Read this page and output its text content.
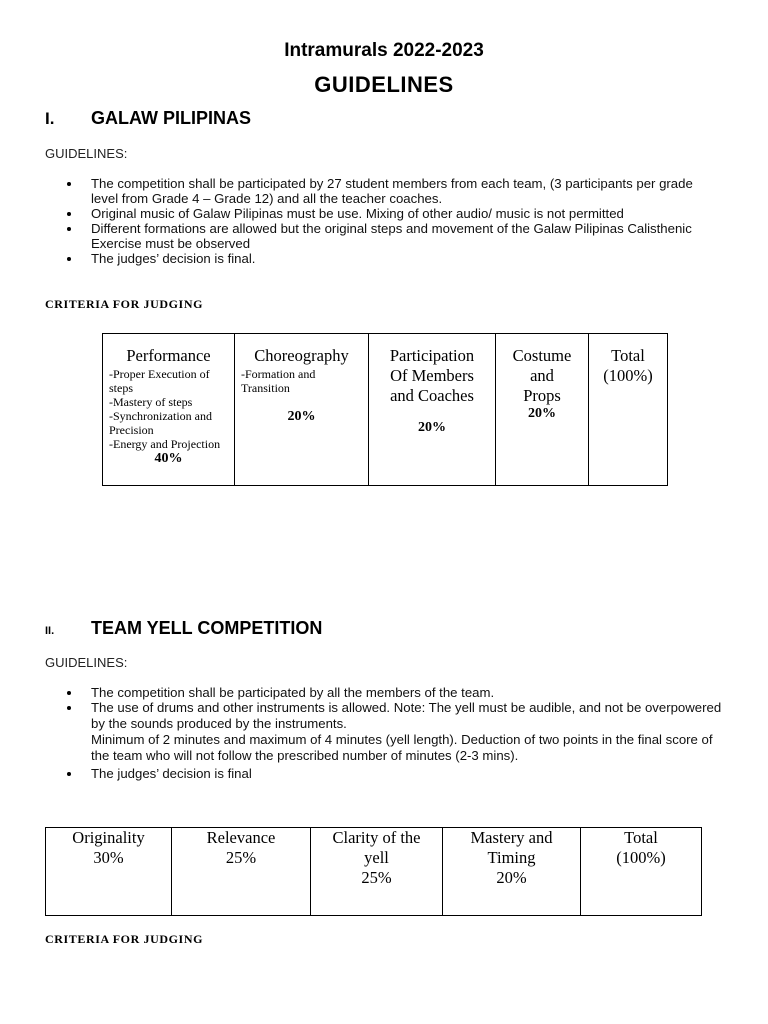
Intramurals 2022-2023
GUIDELINES
I. GALAW PILIPINAS
GUIDELINES:
The competition shall be participated by 27 student members from each team, (3 participants per grade level from Grade 4 – Grade 12) and all the teacher coaches.
Original music of Galaw Pilipinas must be use. Mixing of other audio/ music is not permitted
Different formations are allowed but the original steps and movement of the Galaw Pilipinas Calisthenic Exercise must be observed
The judges’ decision is final.
CRITERIA FOR JUDGING
Performance
-Proper Execution of steps
-Mastery of steps
-Synchronization and Precision
-Energy and Projection
40%

Choreography
-Formation and Transition
20%

Participation
Of Members
and Coaches
20%

Costume
and
Props
20%

Total
(100%)
II. TEAM YELL COMPETITION
GUIDELINES:
The competition shall be participated by all the members of the team.
The use of drums and other instruments is allowed. Note: The yell must be audible, and not be overpowered by the sounds produced by the instruments.
Minimum of 2 minutes and maximum of 4 minutes (yell length). Deduction of two points in the final score of the team who will not follow the prescribed number of minutes (2-3 mins).
The judges’ decision is final
Originality
30%

Relevance
25%

Clarity of the
yell
25%

Mastery and
Timing
20%

Total
(100%)
CRITERIA FOR JUDGING
